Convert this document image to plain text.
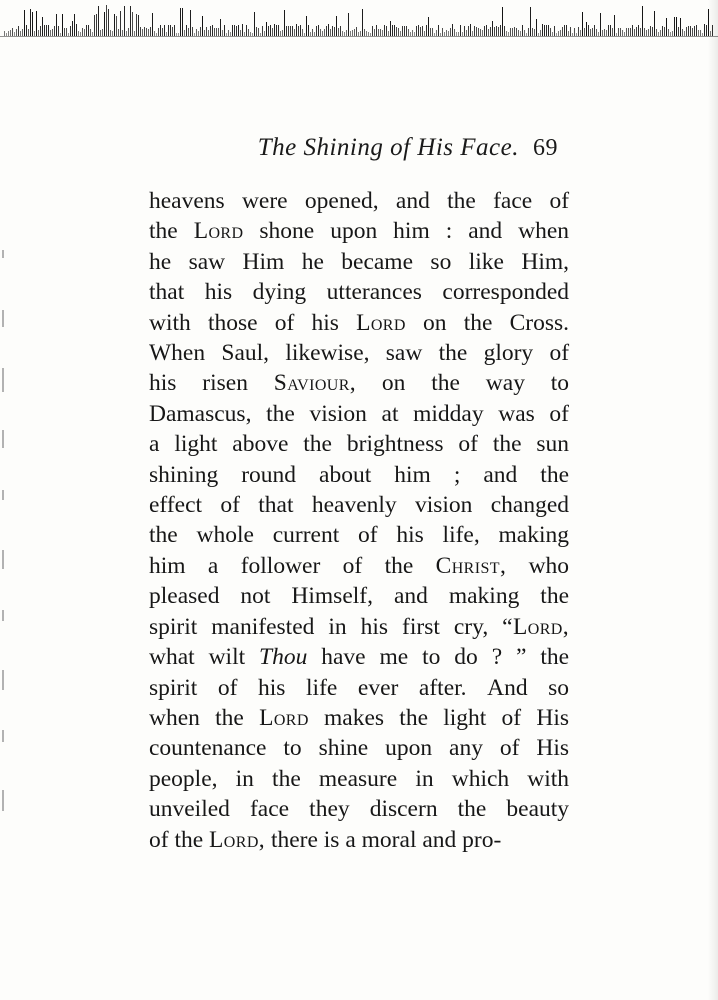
The Shining of His Face. 69
heavens were opened, and the face of
the Lord shone upon him : and when
he saw Him he became so like Him,
that his dying utterances corresponded
with those of his Lord on the Cross.
When Saul, likewise, saw the glory of
his risen Saviour, on the way to
Damascus, the vision at midday was of
a light above the brightness of the sun
shining round about him ; and the
effect of that heavenly vision changed
the whole current of his life, making
him a follower of the Christ, who
pleased not Himself, and making the
spirit manifested in his first cry, “Lord,
what wilt Thou have me to do ? ” the
spirit of his life ever after. And so
when the Lord makes the light of His
countenance to shine upon any of His
people, in the measure in which with
unveiled face they discern the beauty
of the Lord, there is a moral and pro-
